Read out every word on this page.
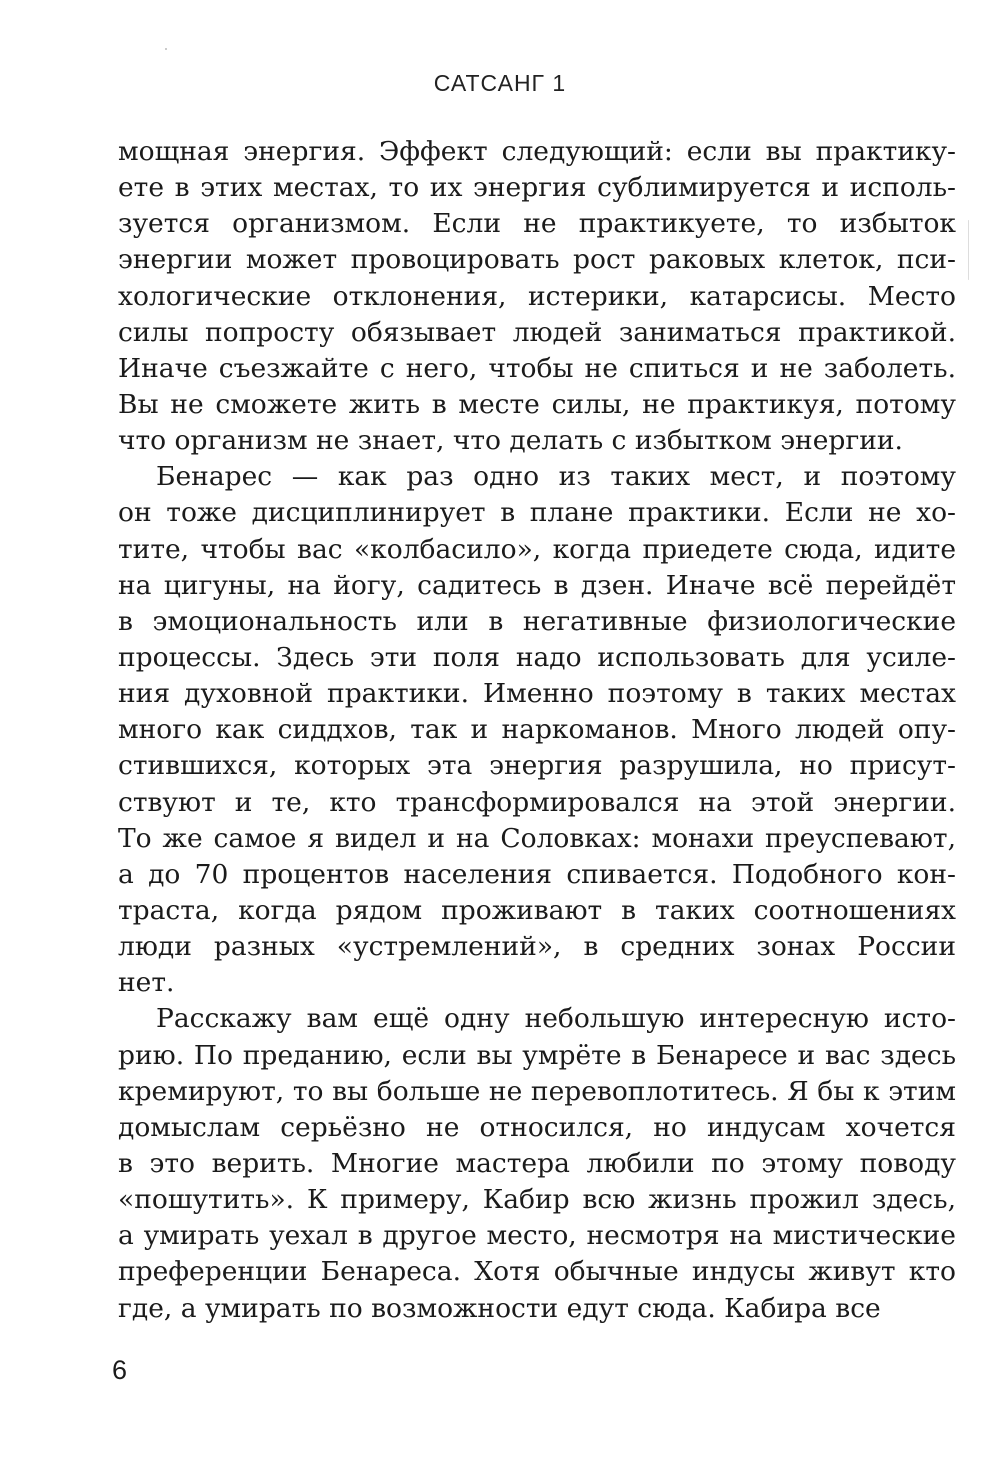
САТСАНГ 1
мощная энергия. Эффект следующий: если вы практику-
ете в этих местах, то их энергия сублимируется и исполь-
зуется организмом. Если не практикуете, то избыток
энергии может провоцировать рост раковых клеток, пси-
хологические отклонения, истерики, катарсисы. Место
силы попросту обязывает людей заниматься практикой.
Иначе съезжайте с него, чтобы не спиться и не заболеть.
Вы не сможете жить в месте силы, не практикуя, потому
что организм не знает, что делать с избытком энергии.
Бенарес — как раз одно из таких мест, и поэтому
он тоже дисциплинирует в плане практики. Если не хо-
тите, чтобы вас «колбасило», когда приедете сюда, идите
на цигуны, на йогу, садитесь в дзен. Иначе всё перейдёт
в эмоциональность или в негативные физиологические
процессы. Здесь эти поля надо использовать для усиле-
ния духовной практики. Именно поэтому в таких местах
много как сиддхов, так и наркоманов. Много людей опу-
стившихся, которых эта энергия разрушила, но присут-
ствуют и те, кто трансформировался на этой энергии.
То же самое я видел и на Соловках: монахи преуспевают,
а до 70 процентов населения спивается. Подобного кон-
траста, когда рядом проживают в таких соотношениях
люди разных «устремлений», в средних зонах России
нет.
Расскажу вам ещё одну небольшую интересную исто-
рию. По преданию, если вы умрёте в Бенаресе и вас здесь
кремируют, то вы больше не перевоплотитесь. Я бы к этим
домыслам серьёзно не относился, но индусам хочется
в это верить. Многие мастера любили по этому поводу
«пошутить». К примеру, Кабир всю жизнь прожил здесь,
а умирать уехал в другое место, несмотря на мистические
преференции Бенареса. Хотя обычные индусы живут кто
где, а умирать по возможности едут сюда. Кабира все
6
